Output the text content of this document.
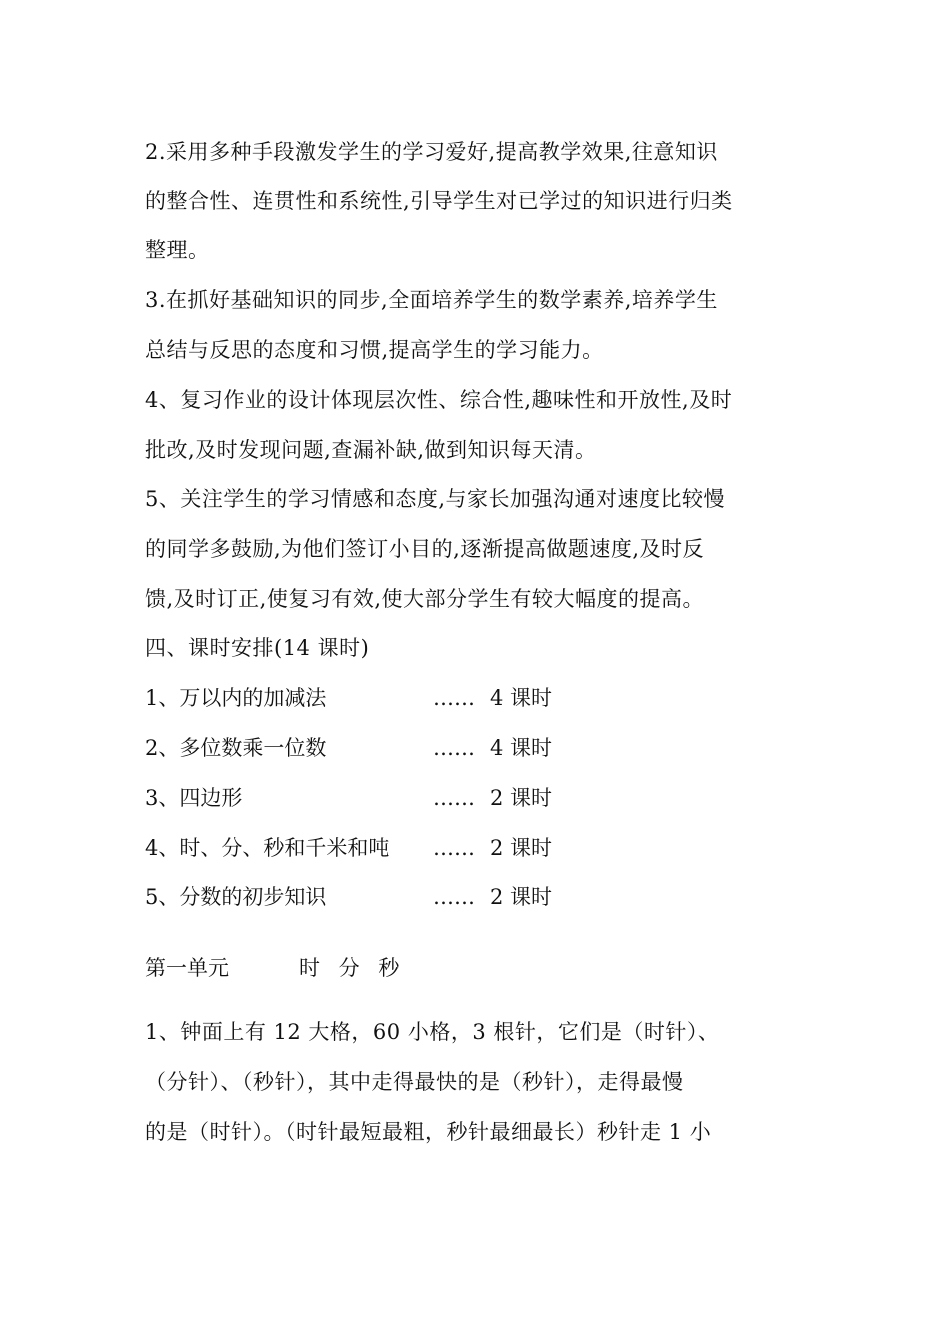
2.采用多种手段激发学生的学习爱好,提高教学效果,往意知识
的整合性、连贯性和系统性,引导学生对已学过的知识进行归类
整理。
3.在抓好基础知识的同步,全面培养学生的数学素养,培养学生
总结与反思的态度和习惯,提高学生的学习能力。
4、复习作业的设计体现层次性、综合性,趣味性和开放性,及时
批改,及时发现问题,查漏补缺,做到知识每天清。
5、关注学生的学习情感和态度,与家长加强沟通对速度比较慢
的同学多鼓励,为他们签订小目的,逐渐提高做题速度,及时反
馈,及时订正,使复习有效,使大部分学生有较大幅度的提高。
四、课时安排(14 课时)
1、万以内的加减法	…… 4 课时
2、多位数乘一位数	…… 4 课时
3、四边形	…… 2 课时
4、时、分、秒和千米和吨 …… 2 课时
5、分数的初步知识	…… 2 课时
第一单元	时 分 秒
1、钟面上有 12 大格，60 小格，3 根针，它们是（时针）、
（分针）、（秒针），其中走得最快的是（秒针），走得最慢
的是（时针）。（时针最短最粗，秒针最细最长）秒针走 1 小
